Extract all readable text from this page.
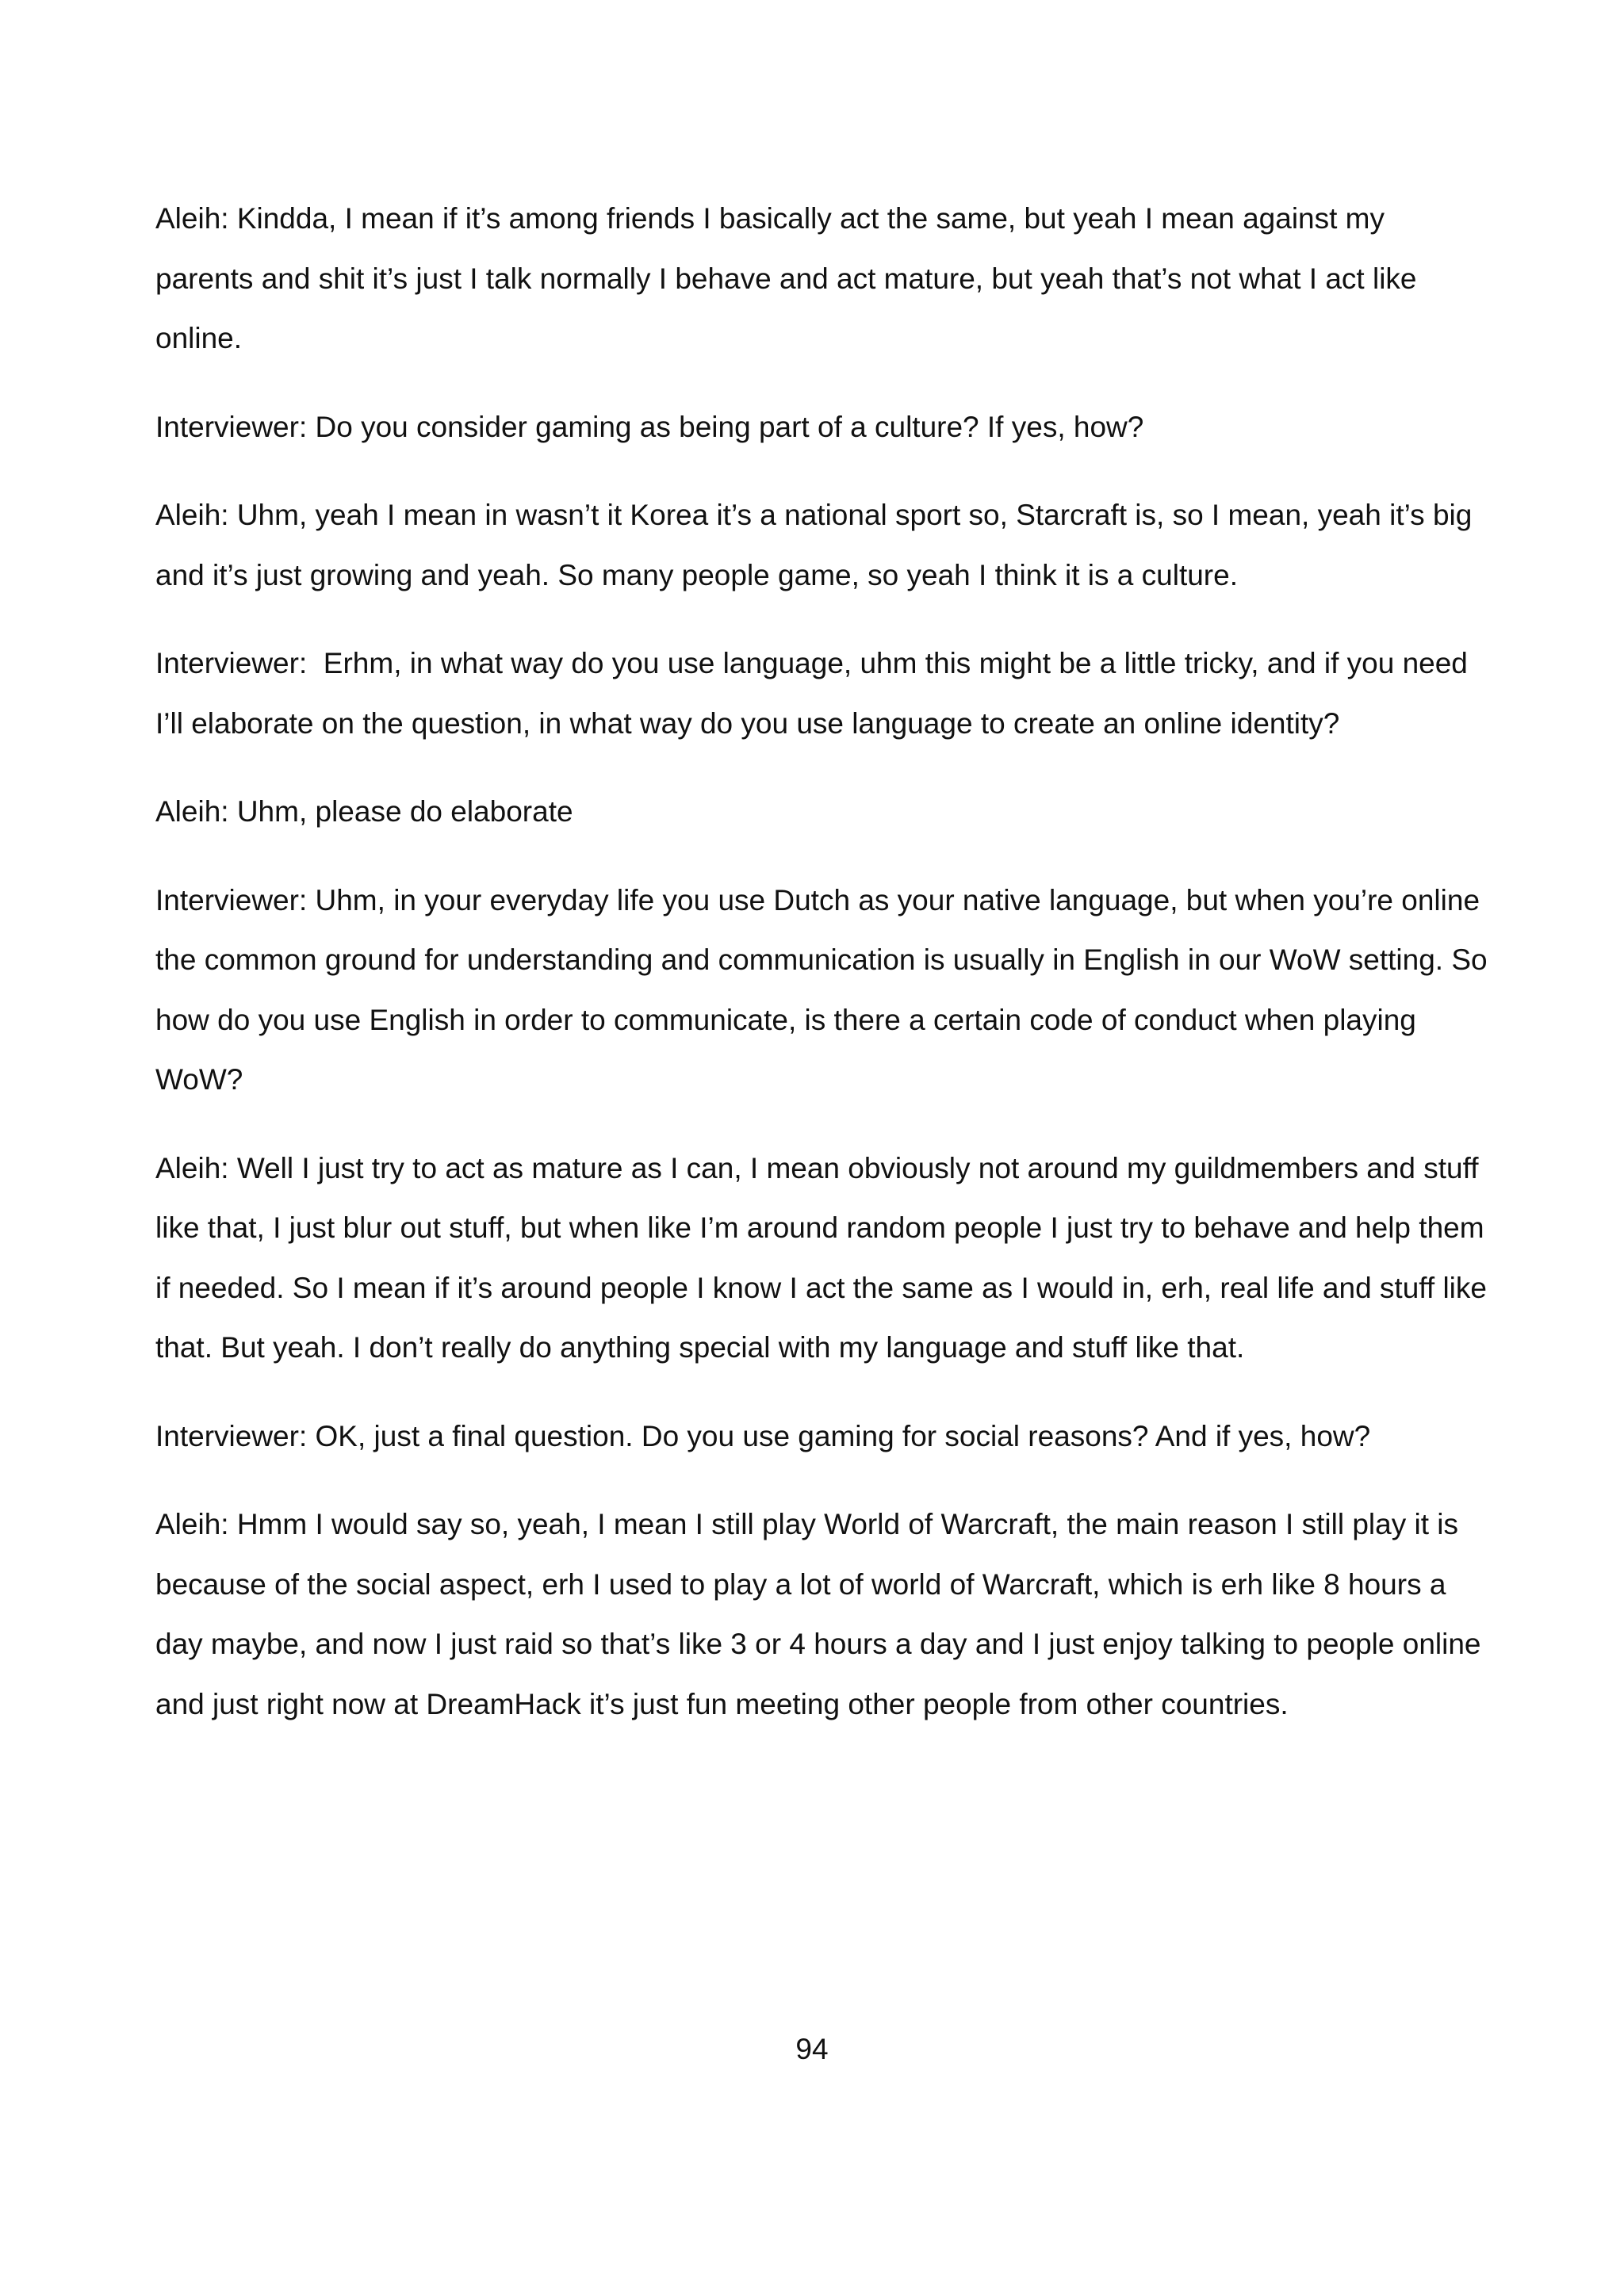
Aleih: Kindda, I mean if it’s among friends I basically act the same, but yeah I mean against my parents and shit it’s just I talk normally I behave and act mature, but yeah that’s not what I act like online.

Interviewer: Do you consider gaming as being part of a culture? If yes, how?

Aleih: Uhm, yeah I mean in wasn’t it Korea it’s a national sport so, Starcraft is, so I mean, yeah it’s big and it’s just growing and yeah. So many people game, so yeah I think it is a culture.

Interviewer:  Erhm, in what way do you use language, uhm this might be a little tricky, and if you need I’ll elaborate on the question, in what way do you use language to create an online identity?

Aleih: Uhm, please do elaborate

Interviewer: Uhm, in your everyday life you use Dutch as your native language, but when you’re online the common ground for understanding and communication is usually in English in our WoW setting. So how do you use English in order to communicate, is there a certain code of conduct when playing WoW?

Aleih: Well I just try to act as mature as I can, I mean obviously not around my guildmembers and stuff like that, I just blur out stuff, but when like I’m around random people I just try to behave and help them if needed. So I mean if it’s around people I know I act the same as I would in, erh, real life and stuff like that. But yeah. I don’t really do anything special with my language and stuff like that.

Interviewer: OK, just a final question. Do you use gaming for social reasons? And if yes, how?

Aleih: Hmm I would say so, yeah, I mean I still play World of Warcraft, the main reason I still play it is because of the social aspect, erh I used to play a lot of world of Warcraft, which is erh like 8 hours a day maybe, and now I just raid so that’s like 3 or 4 hours a day and I just enjoy talking to people online and just right now at DreamHack it’s just fun meeting other people from other countries.

94
